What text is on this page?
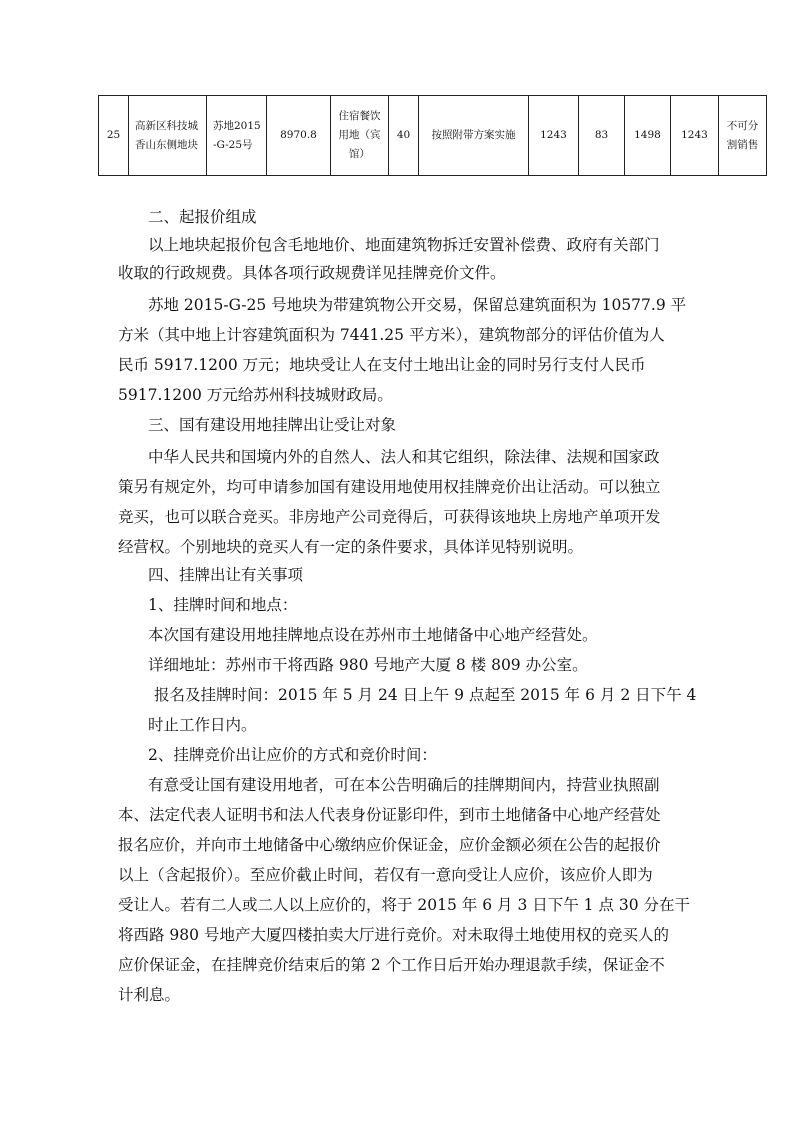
25	高新区科技城香山东侧地块	苏地2015-G-25号	8970.8	住宿餐饮用地（宾馆）	40	按照附带方案实施	1243	83	1498	1243	不可分割销售
二、起报价组成
以上地块起报价包含毛地地价、地面建筑物拆迁安置补偿费、政府有关部门
收取的行政规费。具体各项行政规费详见挂牌竞价文件。
苏地 2015-G-25 号地块为带建筑物公开交易，保留总建筑面积为 10577.9 平
方米（其中地上计容建筑面积为 7441.25 平方米），建筑物部分的评估价值为人
民币 5917.1200 万元；地块受让人在支付土地出让金的同时另行支付人民币
5917.1200 万元给苏州科技城财政局。
三、国有建设用地挂牌出让受让对象
中华人民共和国境内外的自然人、法人和其它组织，除法律、法规和国家政
策另有规定外，均可申请参加国有建设用地使用权挂牌竞价出让活动。可以独立
竞买，也可以联合竞买。非房地产公司竞得后，可获得该地块上房地产单项开发
经营权。个别地块的竞买人有一定的条件要求，具体详见特别说明。
四、挂牌出让有关事项
1、挂牌时间和地点：
本次国有建设用地挂牌地点设在苏州市土地储备中心地产经营处。
详细地址：苏州市干将西路 980 号地产大厦 8 楼 809 办公室。
报名及挂牌时间：2015 年 5 月 24 日上午 9 点起至 2015 年 6 月 2 日下午 4
时止工作日内。
2、挂牌竞价出让应价的方式和竞价时间：
有意受让国有建设用地者，可在本公告明确后的挂牌期间内，持营业执照副
本、法定代表人证明书和法人代表身份证影印件，到市土地储备中心地产经营处
报名应价，并向市土地储备中心缴纳应价保证金，应价金额必须在公告的起报价
以上（含起报价）。至应价截止时间，若仅有一意向受让人应价，该应价人即为
受让人。若有二人或二人以上应价的，将于 2015 年 6 月 3 日下午 1 点 30 分在干
将西路 980 号地产大厦四楼拍卖大厅进行竞价。对未取得土地使用权的竞买人的
应价保证金，在挂牌竞价结束后的第 2 个工作日后开始办理退款手续，保证金不
计利息。
